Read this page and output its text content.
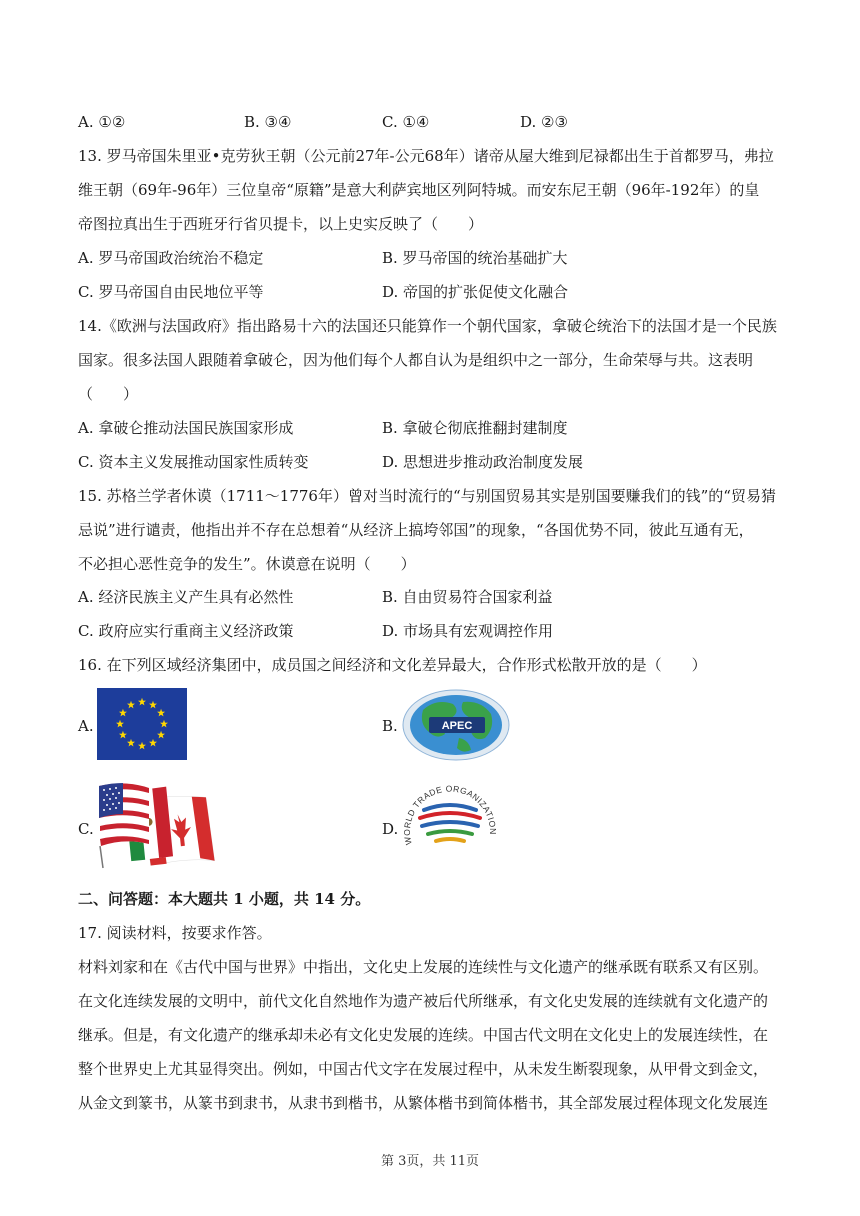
A. ①②	B. ③④	C. ①④	D. ②③
13. 罗马帝国朱里亚•克劳狄王朝（公元前27年-公元68年）诸帝从屋大维到尼禄都出生于首都罗马，弗拉
维王朝（69年-96年）三位皇帝“原籍”是意大利萨宾地区列阿特城。而安东尼王朝（96年-192年）的皇
帝图拉真出生于西班牙行省贝提卡，以上史实反映了（　　）
A. 罗马帝国政治统治不稳定	B. 罗马帝国的统治基础扩大
C. 罗马帝国自由民地位平等	D. 帝国的扩张促使文化融合
14.《欧洲与法国政府》指出路易十六的法国还只能算作一个朝代国家，拿破仑统治下的法国才是一个民族
国家。很多法国人跟随着拿破仑，因为他们每个人都自认为是组织中之一部分，生命荣辱与共。这表明
（　　）
A. 拿破仑推动法国民族国家形成	B. 拿破仑彻底推翻封建制度
C. 资本主义发展推动国家性质转变	D. 思想进步推动政治制度发展
15. 苏格兰学者休谟（1711～1776年）曾对当时流行的“与别国贸易其实是别国要赚我们的钱”的“贸易猜
忌说”进行谴责，他指出并不存在总想着“从经济上搞垮邻国”的现象，“各国优势不同，彼此互通有无，
不必担心恶性竞争的发生”。休谟意在说明（　　）
A. 经济民族主义产生具有必然性	B. 自由贸易符合国家利益
C. 政府应实行重商主义经济政策	D. 市场具有宏观调控作用
16. 在下列区域经济集团中，成员国之间经济和文化差异最大，合作形式松散开放的是（　　）
A.	B.	APEC
C.	D.
WORLD TRADE ORGANIZATION
二、问答题：本大题共 1 小题，共 14 分。
17. 阅读材料，按要求作答。
材料刘家和在《古代中国与世界》中指出，文化史上发展的连续性与文化遗产的继承既有联系又有区别。
在文化连续发展的文明中，前代文化自然地作为遗产被后代所继承，有文化史发展的连续就有文化遗产的
继承。但是，有文化遗产的继承却未必有文化史发展的连续。中国古代文明在文化史上的发展连续性，在
整个世界史上尤其显得突出。例如，中国古代文字在发展过程中，从未发生断裂现象，从甲骨文到金文，
从金文到篆书，从篆书到隶书，从隶书到楷书，从繁体楷书到简体楷书，其全部发展过程体现文化发展连
第 3页，共 11页
